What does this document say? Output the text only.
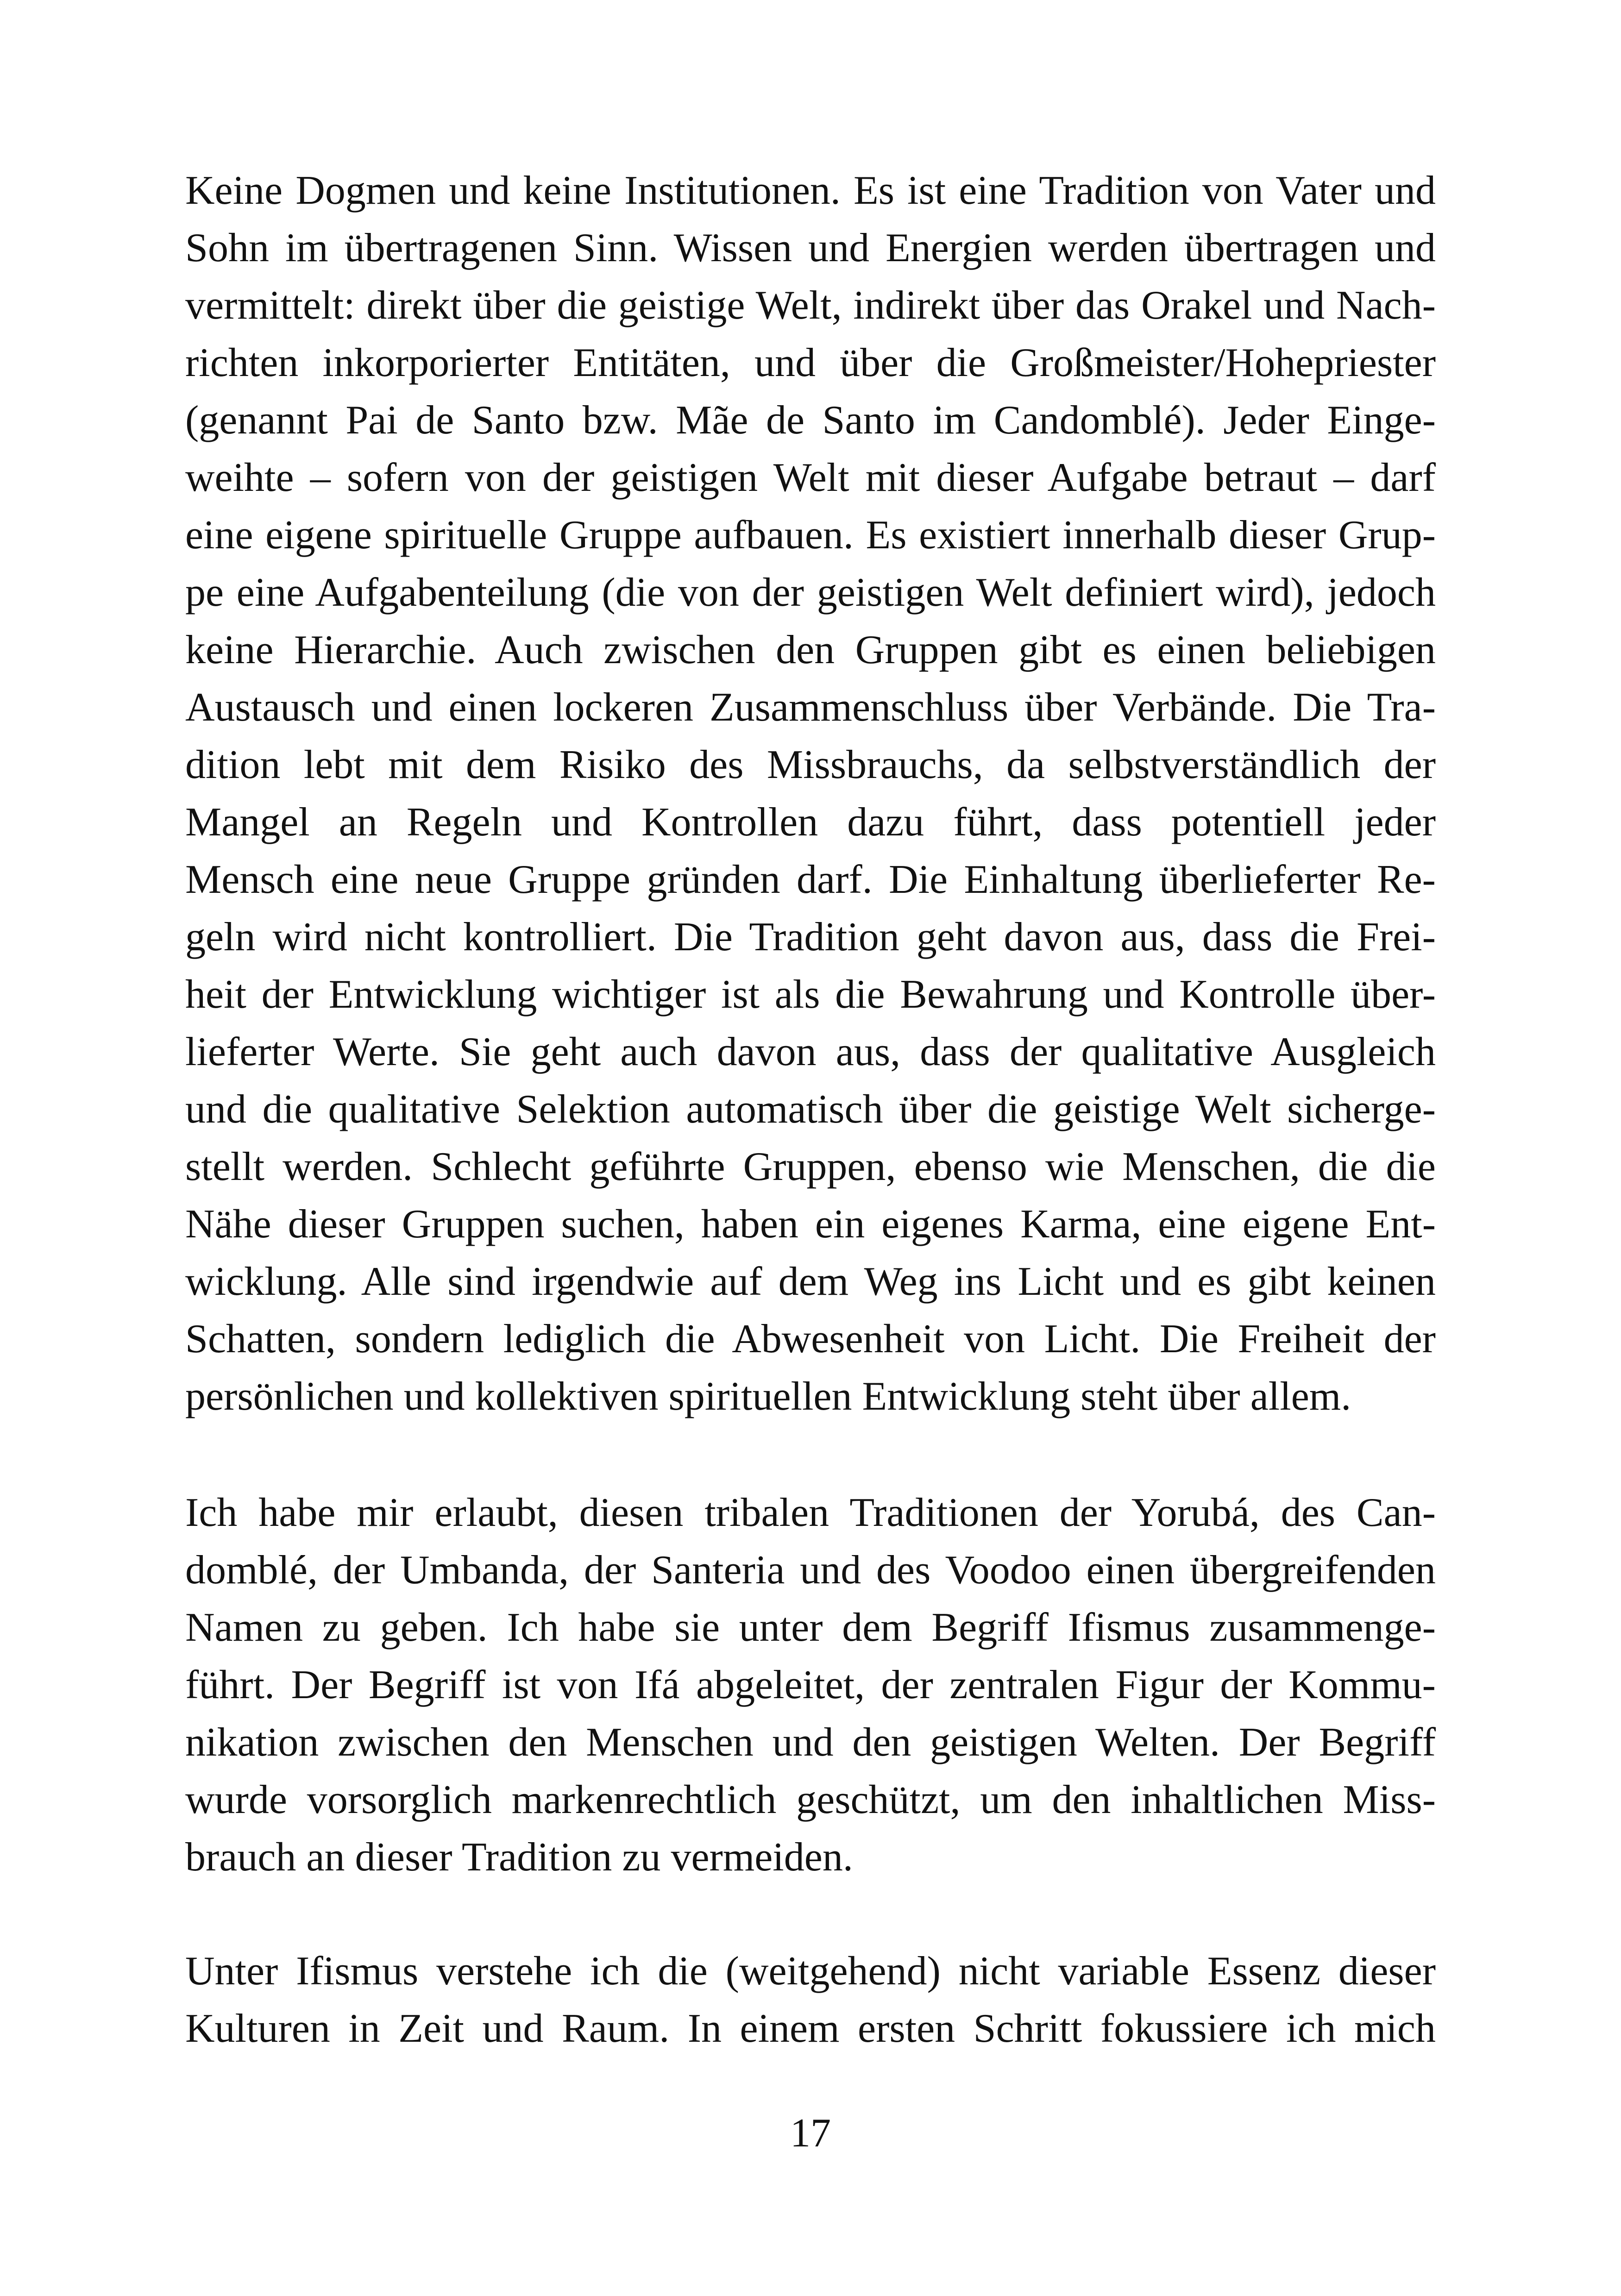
Keine Dogmen und keine Institutionen. Es ist eine Tradition von Vater und
Sohn im übertragenen Sinn. Wissen und Energien werden übertragen und
vermittelt: direkt über die geistige Welt, indirekt über das Orakel und Nach-
richten inkorporierter Entitäten, und über die Großmeister/Hohepriester
(genannt Pai de Santo bzw. Mãe de Santo im Candomblé). Jeder Einge-
weihte – sofern von der geistigen Welt mit dieser Aufgabe betraut – darf
eine eigene spirituelle Gruppe aufbauen. Es existiert innerhalb dieser Grup-
pe eine Aufgabenteilung (die von der geistigen Welt definiert wird), jedoch
keine Hierarchie. Auch zwischen den Gruppen gibt es einen beliebigen
Austausch und einen lockeren Zusammenschluss über Verbände. Die Tra-
dition lebt mit dem Risiko des Missbrauchs, da selbstverständlich der
Mangel an Regeln und Kontrollen dazu führt, dass potentiell jeder
Mensch eine neue Gruppe gründen darf. Die Einhaltung überlieferter Re-
geln wird nicht kontrolliert. Die Tradition geht davon aus, dass die Frei-
heit der Entwicklung wichtiger ist als die Bewahrung und Kontrolle über-
lieferter Werte. Sie geht auch davon aus, dass der qualitative Ausgleich
und die qualitative Selektion automatisch über die geistige Welt sicherge-
stellt werden. Schlecht geführte Gruppen, ebenso wie Menschen, die die
Nähe dieser Gruppen suchen, haben ein eigenes Karma, eine eigene Ent-
wicklung. Alle sind irgendwie auf dem Weg ins Licht und es gibt keinen
Schatten, sondern lediglich die Abwesenheit von Licht. Die Freiheit der
persönlichen und kollektiven spirituellen Entwicklung steht über allem.
Ich habe mir erlaubt, diesen tribalen Traditionen der Yorubá, des Can-
domblé, der Umbanda, der Santeria und des Voodoo einen übergreifenden
Namen zu geben. Ich habe sie unter dem Begriff Ifismus zusammenge-
führt. Der Begriff ist von Ifá abgeleitet, der zentralen Figur der Kommu-
nikation zwischen den Menschen und den geistigen Welten. Der Begriff
wurde vorsorglich markenrechtlich geschützt, um den inhaltlichen Miss-
brauch an dieser Tradition zu vermeiden.
Unter Ifismus verstehe ich die (weitgehend) nicht variable Essenz dieser
Kulturen in Zeit und Raum. In einem ersten Schritt fokussiere ich mich
17
